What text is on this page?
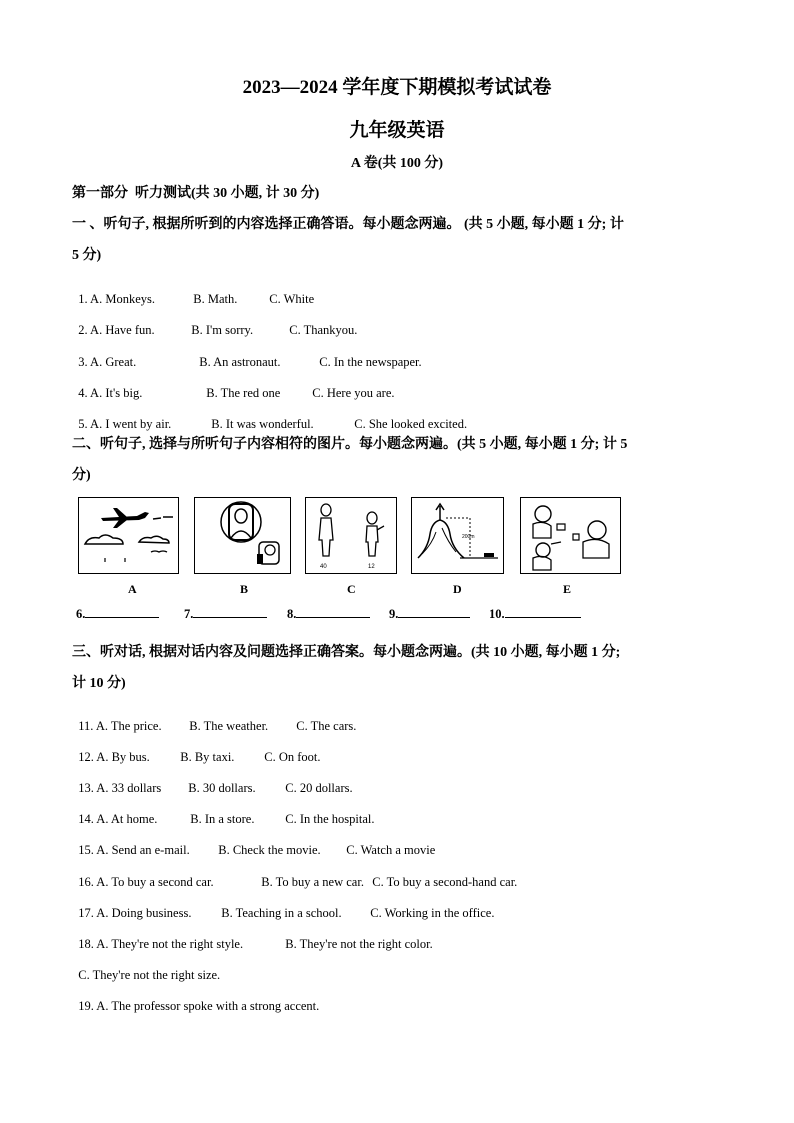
2023—2024 学年度下期模拟考试试卷
九年级英语
A 卷(共 100 分)
第一部分  听力测试(共 30 小题, 计 30 分)
一 、听句子, 根据所听到的内容选择正确答语。每小题念两遍。 (共 5 小题, 每小题 1 分; 计
5 分)

1. A. Monkeys.	B. Math.	C. White

2. A. Have fun.	B. I'm sorry.	C. Thankyou.

3. A. Great.	B. An astronaut.	C. In the newspaper.

4. A. It's big.	B. The red one	C. Here you are.

5. A. I went by air.	B. It was wonderful.	C. She looked excited.

二、听句子, 选择与所听句子内容相符的图片。每小题念两遍。(共 5 小题, 每小题 1 分; 计 5
分)
40	12
200m
A	B	C	D	E
6.	7.	8.	9.	10.
三、听对话, 根据对话内容及问题选择正确答案。每小题念两遍。(共 10 小题, 每小题 1 分;
计 10 分)

11. A. The price. B. The weather. C. The cars.

12. A. By bus. B. By taxi. C. On foot.

13. A. 33 dollars B. 30 dollars. C. 20 dollars.

14. A. At home.	B. In a store. C. In the hospital.

15. A. Send an e-mail. B. Check the movie. C. Watch a movie

16. A. To buy a second car.	B. To buy a new car. C. To buy a second-hand car.

17. A. Doing business. B. Teaching in a school. C. Working in the office.

18. A. They're not the right style.	B. They're not the right color.

C. They're not the right size.

19. A. The professor spoke with a strong accent.
